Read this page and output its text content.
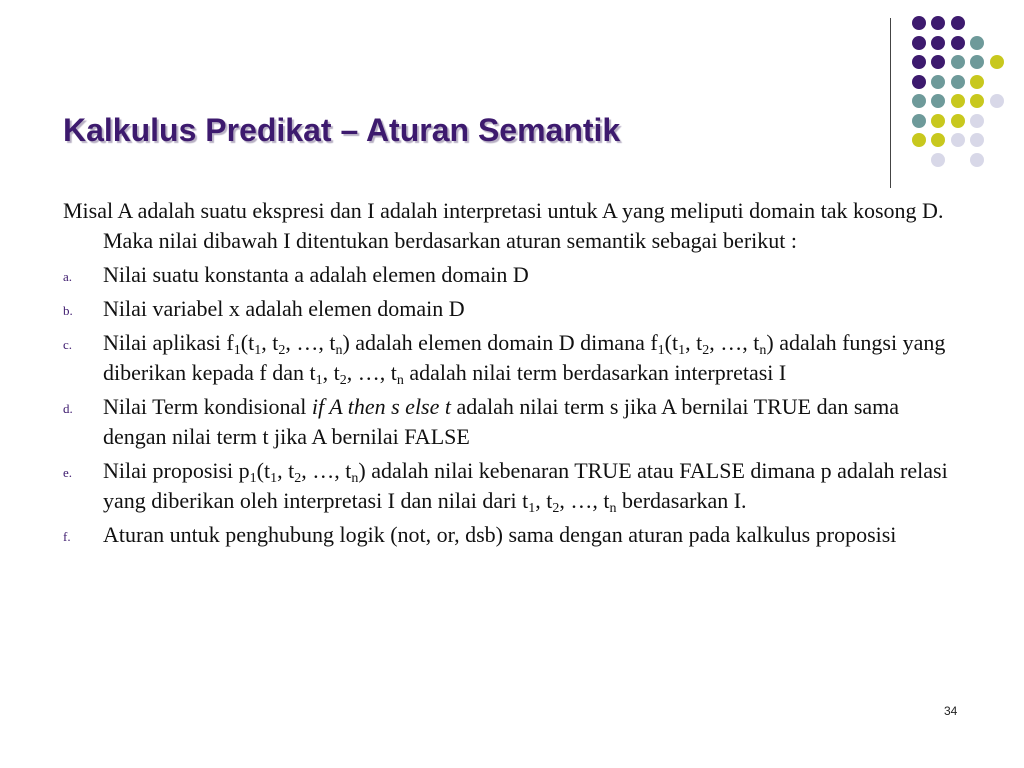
Kalkulus Predikat – Aturan Semantik

Misal A adalah suatu ekspresi dan I adalah interpretasi untuk A yang meliputi domain tak kosong D. Maka nilai dibawah I ditentukan berdasarkan aturan semantik sebagai berikut :

a. Nilai suatu konstanta a adalah elemen domain D
b. Nilai variabel x adalah elemen domain D
c. Nilai aplikasi $f_1(t_1$, $t_2$, …, $t_n$) adalah elemen domain D dimana $f_1(t_1$, $t_2$, …, $t_n$) adalah fungsi yang diberikan kepada f dan $t_1$, $t_2$, …, $t_n$ adalah nilai term berdasarkan interpretasi I
d. Nilai Term kondisional if A then s else t adalah nilai term s jika A bernilai TRUE dan sama dengan nilai term t jika A bernilai FALSE
e. Nilai proposisi $p_1(t_1$, $t_2$, …, $t_n$) adalah nilai kebenaran TRUE atau FALSE dimana p adalah relasi yang diberikan oleh interpretasi I dan nilai dari $t_1$, $t_2$, …, $t_n$ berdasarkan I.
f. Aturan untuk penghubung logik (not, or, dsb) sama dengan aturan pada kalkulus proposisi
34
